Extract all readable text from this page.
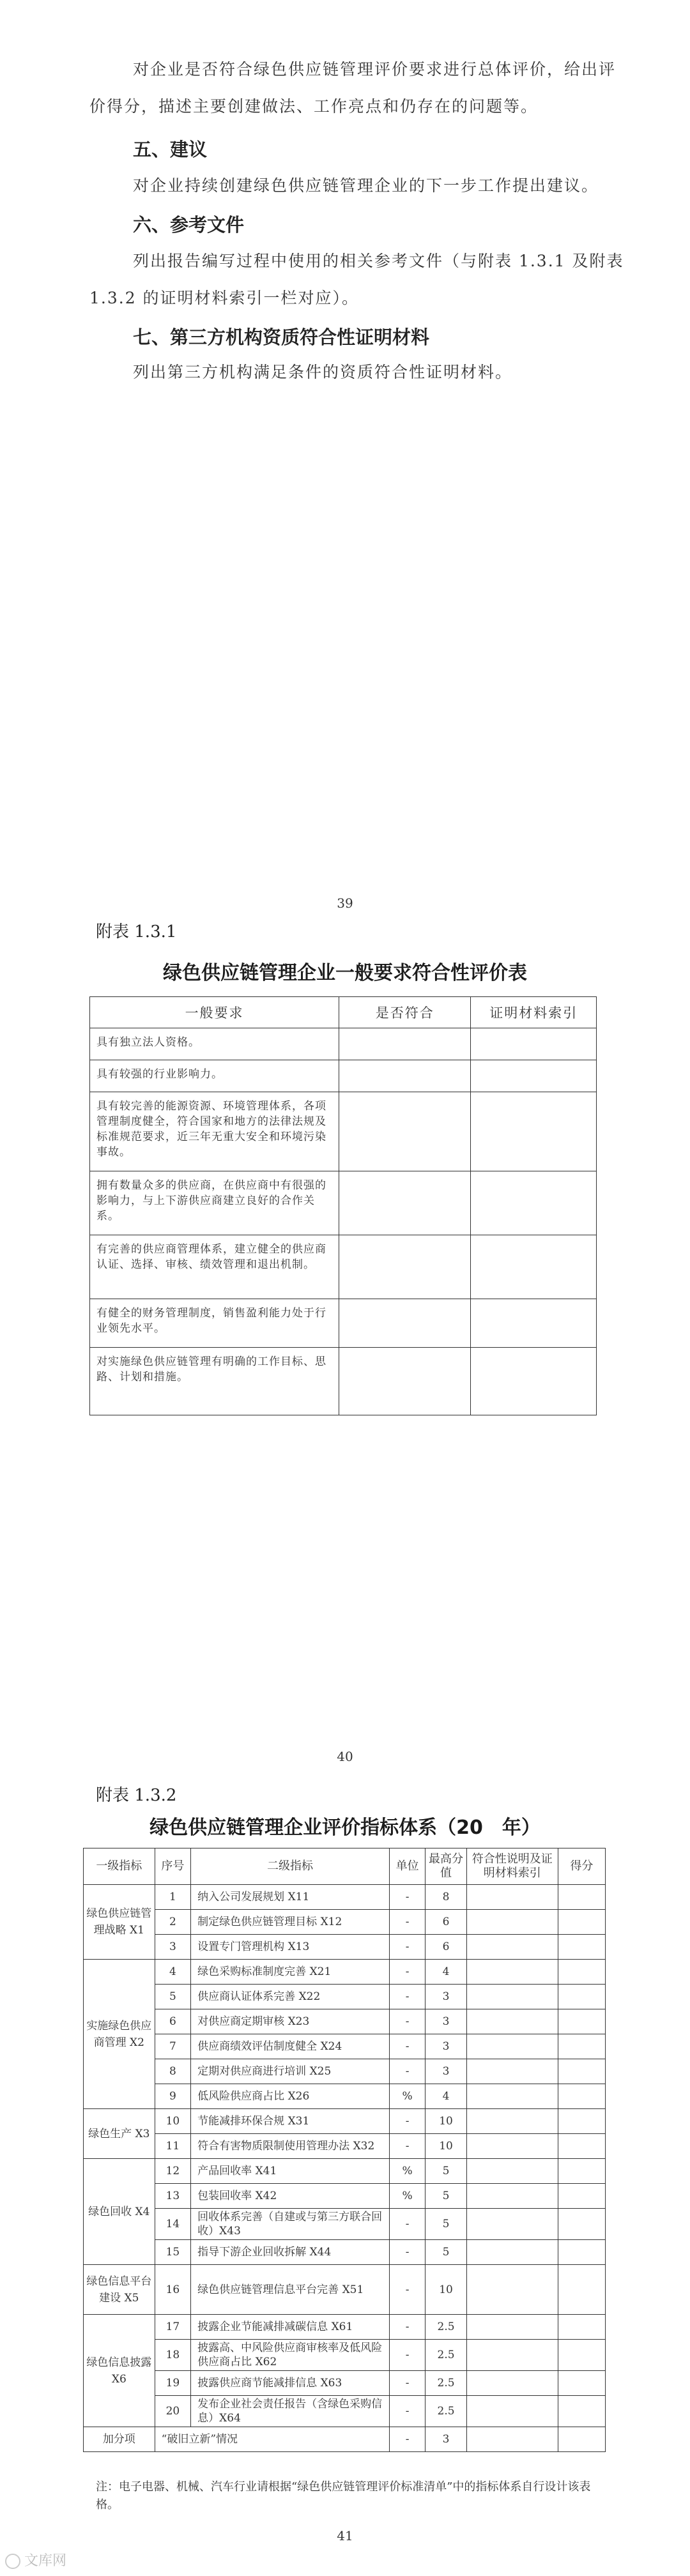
对企业是否符合绿色供应链管理评价要求进行总体评价，给出评价得分，描述主要创建做法、工作亮点和仍存在的问题等。

五、建议

对企业持续创建绿色供应链管理企业的下一步工作提出建议。

六、参考文件

列出报告编写过程中使用的相关参考文件（与附表 1.3.1 及附表 1.3.2 的证明材料索引一栏对应）。

七、第三方机构资质符合性证明材料

列出第三方机构满足条件的资质符合性证明材料。

39
附表 1.3.1
绿色供应链管理企业一般要求符合性评价表
一般要求	是否符合	证明材料索引
具有独立法人资格。		
具有较强的行业影响力。		
具有较完善的能源资源、环境管理体系，各项管理制度健全，符合国家和地方的法律法规及标准规范要求，近三年无重大安全和环境污染事故。		
拥有数量众多的供应商，在供应商中有很强的影响力，与上下游供应商建立良好的合作关系。		
有完善的供应商管理体系，建立健全的供应商认证、选择、审核、绩效管理和退出机制。		
有健全的财务管理制度，销售盈利能力处于行业领先水平。		
对实施绿色供应链管理有明确的工作目标、思路、计划和措施。		
40
附表 1.3.2
绿色供应链管理企业评价指标体系（20　年）
一级指标	序号	二级指标	单位	最高分值	符合性说明及证明材料索引	得分
绿色供应链管理战略 X1	1	纳入公司发展规划 X11	-	8		
	2	制定绿色供应链管理目标 X12	-	6		
	3	设置专门管理机构 X13	-	6		
实施绿色供应商管理 X2	4	绿色采购标准制度完善 X21	-	4		
	5	供应商认证体系完善 X22	-	3		
	6	对供应商定期审核 X23	-	3		
	7	供应商绩效评估制度健全 X24	-	3		
	8	定期对供应商进行培训 X25	-	3		
	9	低风险供应商占比 X26	%	4		
绿色生产 X3	10	节能减排环保合规 X31	-	10		
	11	符合有害物质限制使用管理办法 X32	-	10		
绿色回收 X4	12	产品回收率 X41	%	5		
	13	包装回收率 X42	%	5		
	14	回收体系完善（自建或与第三方联合回收）X43	-	5		
	15	指导下游企业回收拆解 X44	-	5		
绿色信息平台建设 X5	16	绿色供应链管理信息平台完善 X51	-	10		
绿色信息披露 X6	17	披露企业节能减排减碳信息 X61	-	2.5		
	18	披露高、中风险供应商审核率及低风险供应商占比 X62	-	2.5		
	19	披露供应商节能减排信息 X63	-	2.5		
	20	发布企业社会责任报告（含绿色采购信息）X64	-	2.5		
加分项	“破旧立新”情况		-	3		
注：电子电器、机械、汽车行业请根据“绿色供应链管理评价标准清单”中的指标体系自行设计该表格。
41
文库网
